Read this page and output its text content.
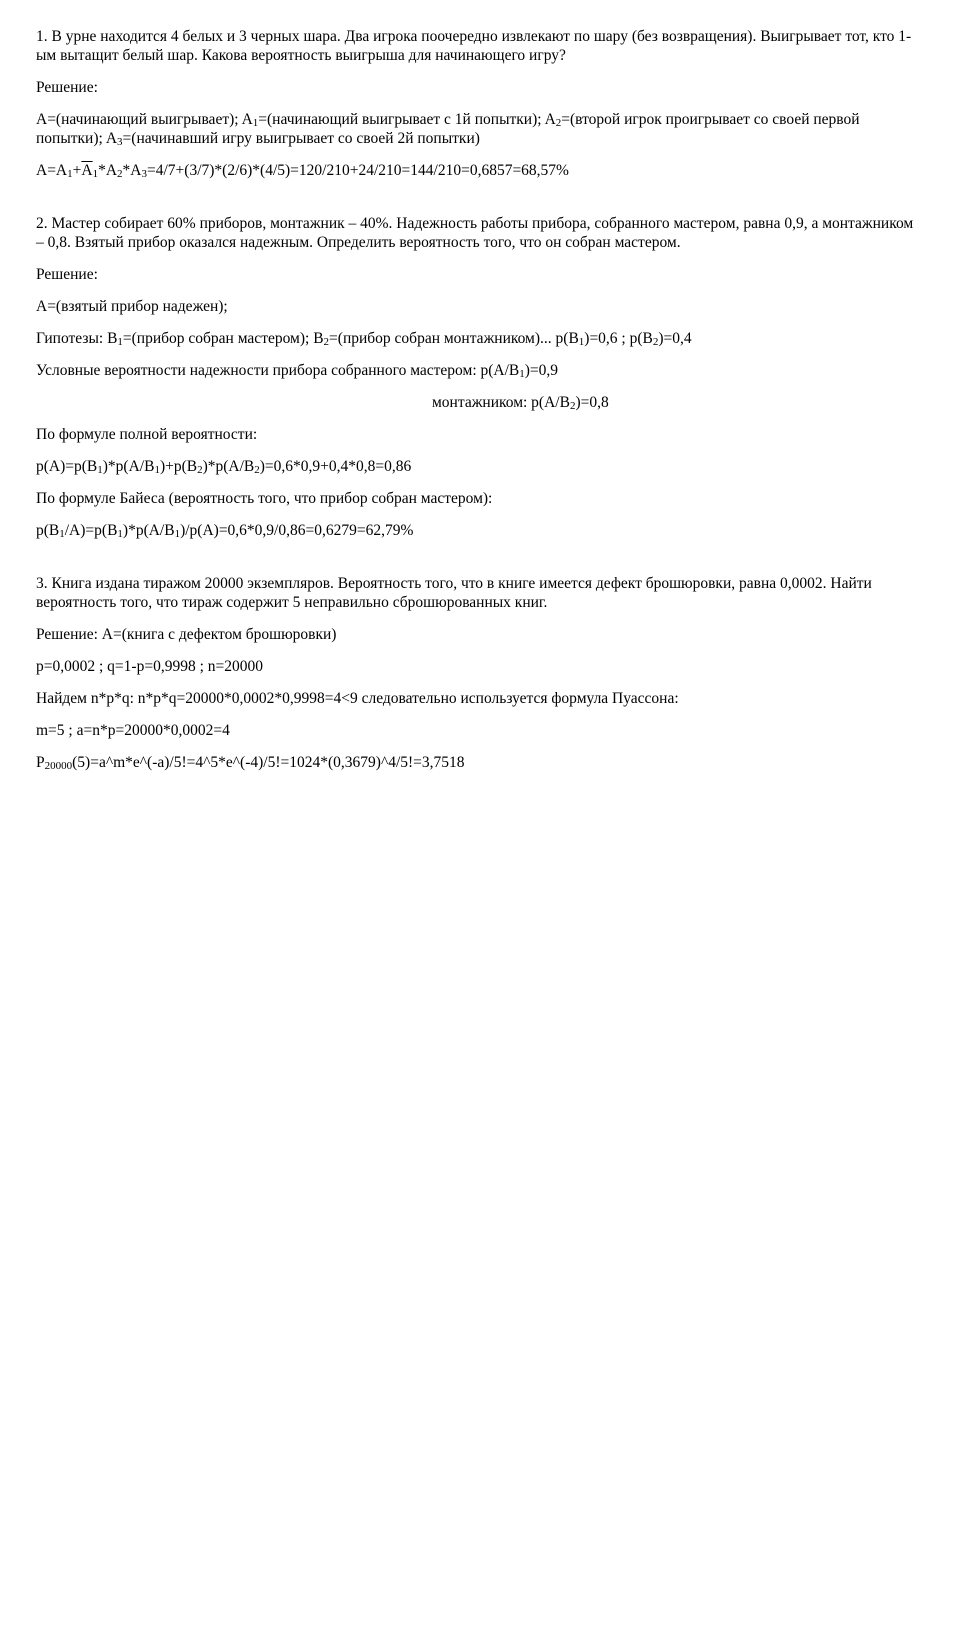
1. В урне находится 4 белых и 3 черных шара. Два игрока поочередно извлекают по шару (без возвращения). Выигрывает тот, кто 1-ым вытащит белый шар. Какова вероятность выигрыша для начинающего игру?

Решение:

A=(начинающий выигрывает); $A_1=(начинающий$ выигрывает с 1й попытки); $A_2=(второй$ игрок проигрывает со своей первой попытки); $A_3=(начинавший$ игру выигрывает со своей 2й попытки)

$A=A_1+\overline{A}_1*A_2*A_3=4/7+(3/7)*(2/6)*(4/5)=120/210+24/210=144/210=0,6857=68,57\%$

2. Мастер собирает 60% приборов, монтажник – 40%. Надежность работы прибора, собранного мастером, равна 0,9, а монтажником – 0,8. Взятый прибор оказался надежным. Определить вероятность того, что он собран мастером.

Решение:

A=(взятый прибор надежен);

Гипотезы: $B_1=(прибор$ собран мастером); $B_2=(прибор$ собран монтажником)... $p(B_1)=0,6$ ; $p(B_2)=0,4$

Условные вероятности надежности прибора собранного мастером: $p(A/B_1)=0,9$

монтажником: $p(A/B_2)=0,8$

По формуле полной вероятности:

$p(A)=p(B_1)*p(A/B_1)+p(B_2)*p(A/B_2)=0,6*0,9+0,4*0,8=0,86$

По формуле Байеса (вероятность того, что прибор собран мастером):

$p(B_1/A)=p(B_1)*p(A/B_1)/p(A)=0,6*0,9/0,86=0,6279=62,79\%$

3. Книга издана тиражом 20000 экземпляров. Вероятность того, что в книге имеется дефект брошюровки, равна 0,0002. Найти вероятность того, что тираж содержит 5 неправильно сброшюрованных книг.

Решение: A=(книга с дефектом брошюровки)

p=0,0002 ; q=1-p=0,9998 ; n=20000

Найдем n*p*q: n*p*q=20000*0,0002*0,9998=4<9 следовательно используется формула Пуассона:

m=5 ; a=n*p=20000*0,0002=4

$P_{20000}(5)=a\^{}m*e\^{}(-a)/5!=4\^{}5*e\^{}(-4)/5!=1024*(0,3679)\^{}4/5!=3,7518$
